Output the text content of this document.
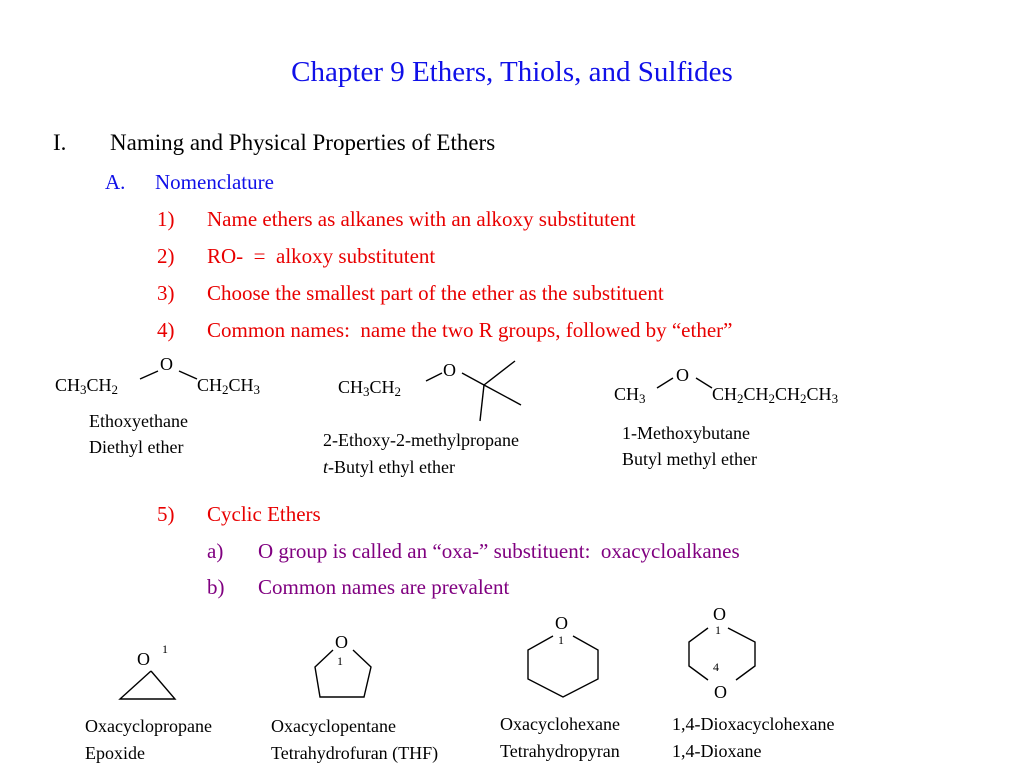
Chapter 9 Ethers, Thiols, and Sulfides
I. Naming and Physical Properties of Ethers
A. Nomenclature
1) Name ethers as alkanes with an alkoxy substitutent
2) RO-  =  alkoxy substitutent
3) Choose the smallest part of the ether as the substituent
4) Common names:  name the two R groups, followed by “ether”
O
$CH_3CH_2$	$CH_2CH_3$
Ethoxyethane
Diethyl ether
O
$CH_3CH_2$
2-Ethoxy-2-methylpropane
t-Butyl ethyl ether
O
$CH_3$	$CH_2CH_2CH_2CH_3$
1-Methoxybutane
Butyl methyl ether
5) Cyclic Ethers
a) O group is called an “oxa-” substituent:  oxacycloalkanes
b) Common names are prevalent
O 1
Oxacyclopropane
Epoxide
O
1
Oxacyclopentane
Tetrahydrofuran (THF)
O
1
Oxacyclohexane
Tetrahydropyran
O
1
4
O
1,4-Dioxacyclohexane
1,4-Dioxane
